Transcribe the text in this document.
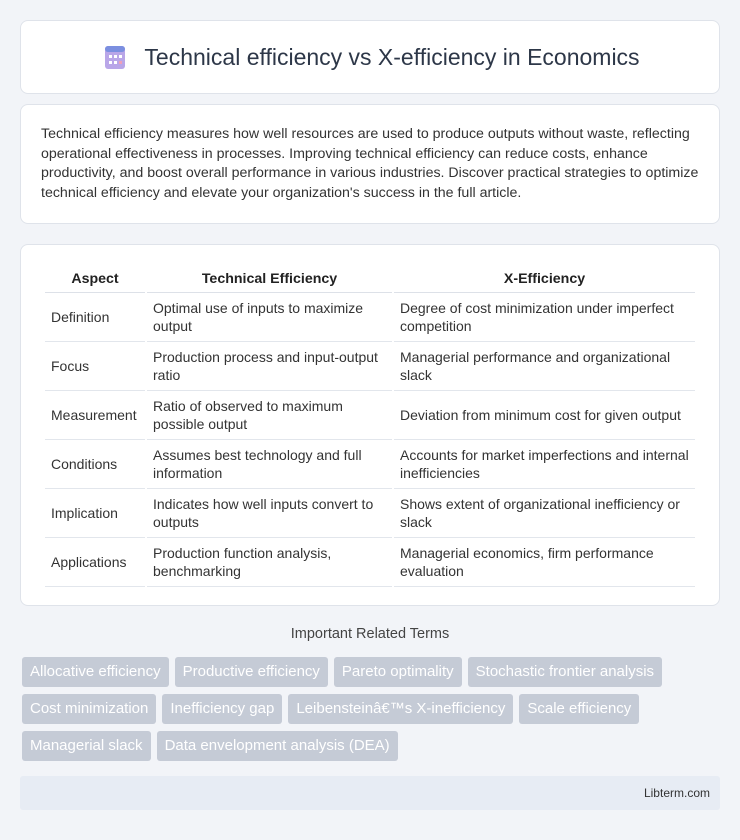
Technical efficiency vs X-efficiency in Economics

Technical efficiency measures how well resources are used to produce outputs without waste, reflecting operational effectiveness in processes. Improving technical efficiency can reduce costs, enhance productivity, and boost overall performance in various industries. Discover practical strategies to optimize technical efficiency and elevate your organization's success in the full article.

Aspect	Technical Efficiency	X-Efficiency
Definition	Optimal use of inputs to maximize output	Degree of cost minimization under imperfect competition
Focus	Production process and input-output ratio	Managerial performance and organizational slack
Measurement	Ratio of observed to maximum possible output	Deviation from minimum cost for given output
Conditions	Assumes best technology and full information	Accounts for market imperfections and internal inefficiencies
Implication	Indicates how well inputs convert to outputs	Shows extent of organizational inefficiency or slack
Applications	Production function analysis, benchmarking	Managerial economics, firm performance evaluation
Important Related Terms
Allocative efficiency	Productive efficiency	Pareto optimality	Stochastic frontier analysis
Cost minimization	Inefficiency gap	Leibensteinâ€™s X-inefficiency	Scale efficiency
Managerial slack	Data envelopment analysis (DEA)
Libterm.com
